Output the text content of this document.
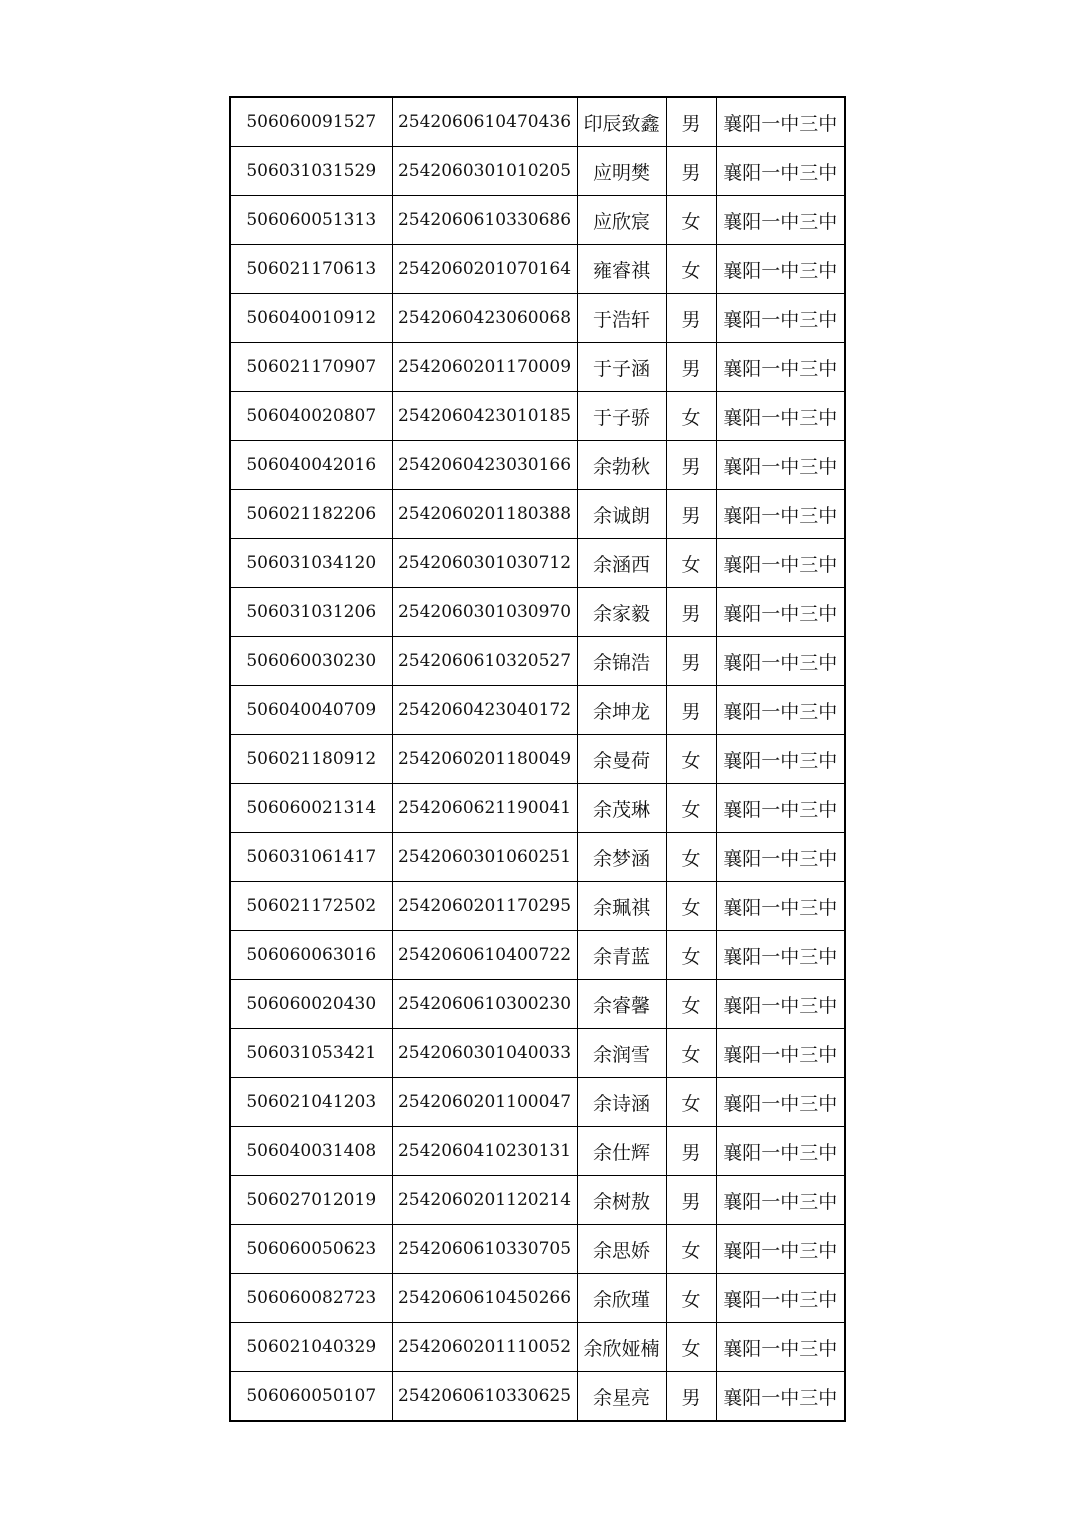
506060091527	2542060610470436	印辰致鑫	男	襄阳一中三中
506031031529	2542060301010205	应明樊	男	襄阳一中三中
506060051313	2542060610330686	应欣宸	女	襄阳一中三中
506021170613	2542060201070164	雍睿祺	女	襄阳一中三中
506040010912	2542060423060068	于浩轩	男	襄阳一中三中
506021170907	2542060201170009	于子涵	男	襄阳一中三中
506040020807	2542060423010185	于子骄	女	襄阳一中三中
506040042016	2542060423030166	余勃秋	男	襄阳一中三中
506021182206	2542060201180388	余诚朗	男	襄阳一中三中
506031034120	2542060301030712	余涵西	女	襄阳一中三中
506031031206	2542060301030970	余家毅	男	襄阳一中三中
506060030230	2542060610320527	余锦浩	男	襄阳一中三中
506040040709	2542060423040172	余坤龙	男	襄阳一中三中
506021180912	2542060201180049	余曼荷	女	襄阳一中三中
506060021314	2542060621190041	余茂琳	女	襄阳一中三中
506031061417	2542060301060251	余梦涵	女	襄阳一中三中
506021172502	2542060201170295	余珮祺	女	襄阳一中三中
506060063016	2542060610400722	余青蓝	女	襄阳一中三中
506060020430	2542060610300230	余睿馨	女	襄阳一中三中
506031053421	2542060301040033	余润雪	女	襄阳一中三中
506021041203	2542060201100047	余诗涵	女	襄阳一中三中
506040031408	2542060410230131	余仕辉	男	襄阳一中三中
506027012019	2542060201120214	余树敖	男	襄阳一中三中
506060050623	2542060610330705	余思娇	女	襄阳一中三中
506060082723	2542060610450266	余欣瑾	女	襄阳一中三中
506021040329	2542060201110052	余欣娅楠	女	襄阳一中三中
506060050107	2542060610330625	余星亮	男	襄阳一中三中
